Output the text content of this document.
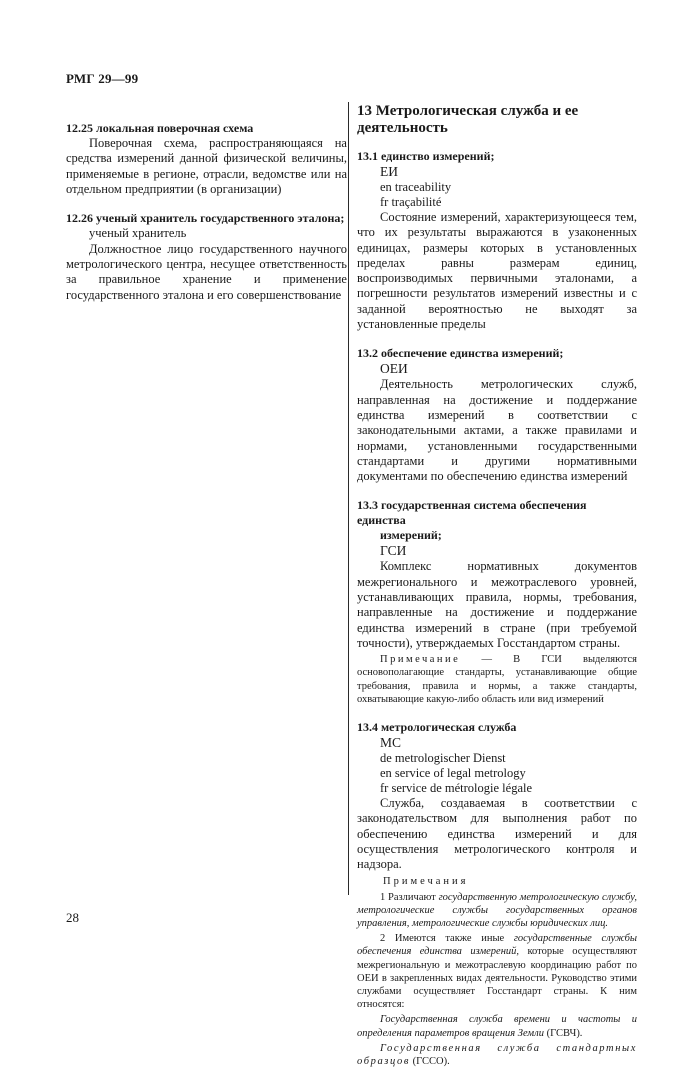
РМГ 29—99
12.25 локальная поверочная схема

Поверочная схема, распространяющаяся на средства измерений данной физической величины, применяемые в регионе, отрасли, ведомстве или на отдельном предприятии (в организации)

12.26 ученый хранитель государственного эталона;
ученый хранитель

Должностное лицо государственного научного метрологического центра, несущее ответственность за правильное хранение и применение государственного эталона и его совершенствование

13 Метрологическая служба и ее деятельность
13.1 единство измерений;
ЕИ
en traceability
fr traçabilité

Состояние измерений, характеризующееся тем, что их результаты выражаются в узаконенных единицах, размеры которых в установленных пределах равны размерам единиц, воспроизводимых первичными эталонами, а погрешности результатов измерений известны и с заданной вероятностью не выходят за установленные пределы

13.2 обеспечение единства измерений;
ОЕИ

Деятельность метрологических служб, направленная на достижение и поддержание единства измерений в соответствии с законодательными актами, а также правилами и нормами, установленными государственными стандартами и другими нормативными документами по обеспечению единства измерений

13.3 государственная система обеспечения единства
измерений;
ГСИ

Комплекс нормативных документов межрегионального и межотраслевого уровней, устанавливающих правила, нормы, требования, направленные на достижение и поддержание единства измерений в стране (при требуемой точности), утверждаемых Госстандартом страны.

Примечание — В ГСИ выделяются основополагающие стандарты, устанавливающие общие требования, правила и нормы, а также стандарты, охватывающие какую-либо область или вид измерений

13.4 метрологическая служба
МС
de metrologischer Dienst
en service of legal metrology
fr service de métrologie légale

Служба, создаваемая в соответствии с законодательством для выполнения работ по обеспечению единства измерений и для осуществления метрологического контроля и надзора.

Примечания

1 Различают государственную метрологическую службу, метрологические службы государственных органов управления, метрологические службы юридических лиц.

2 Имеются также иные государственные службы обеспечения единства измерений, которые осуществляют межрегиональную и межотраслевую координацию работ по ОЕИ в закрепленных видах деятельности. Руководство этими службами осуществляет Госстандарт страны. К ним относятся:

Государственная служба времени и частоты и определения параметров вращения Земли (ГСВЧ).

Государственная служба стандартных образцов (ГССО).

28
